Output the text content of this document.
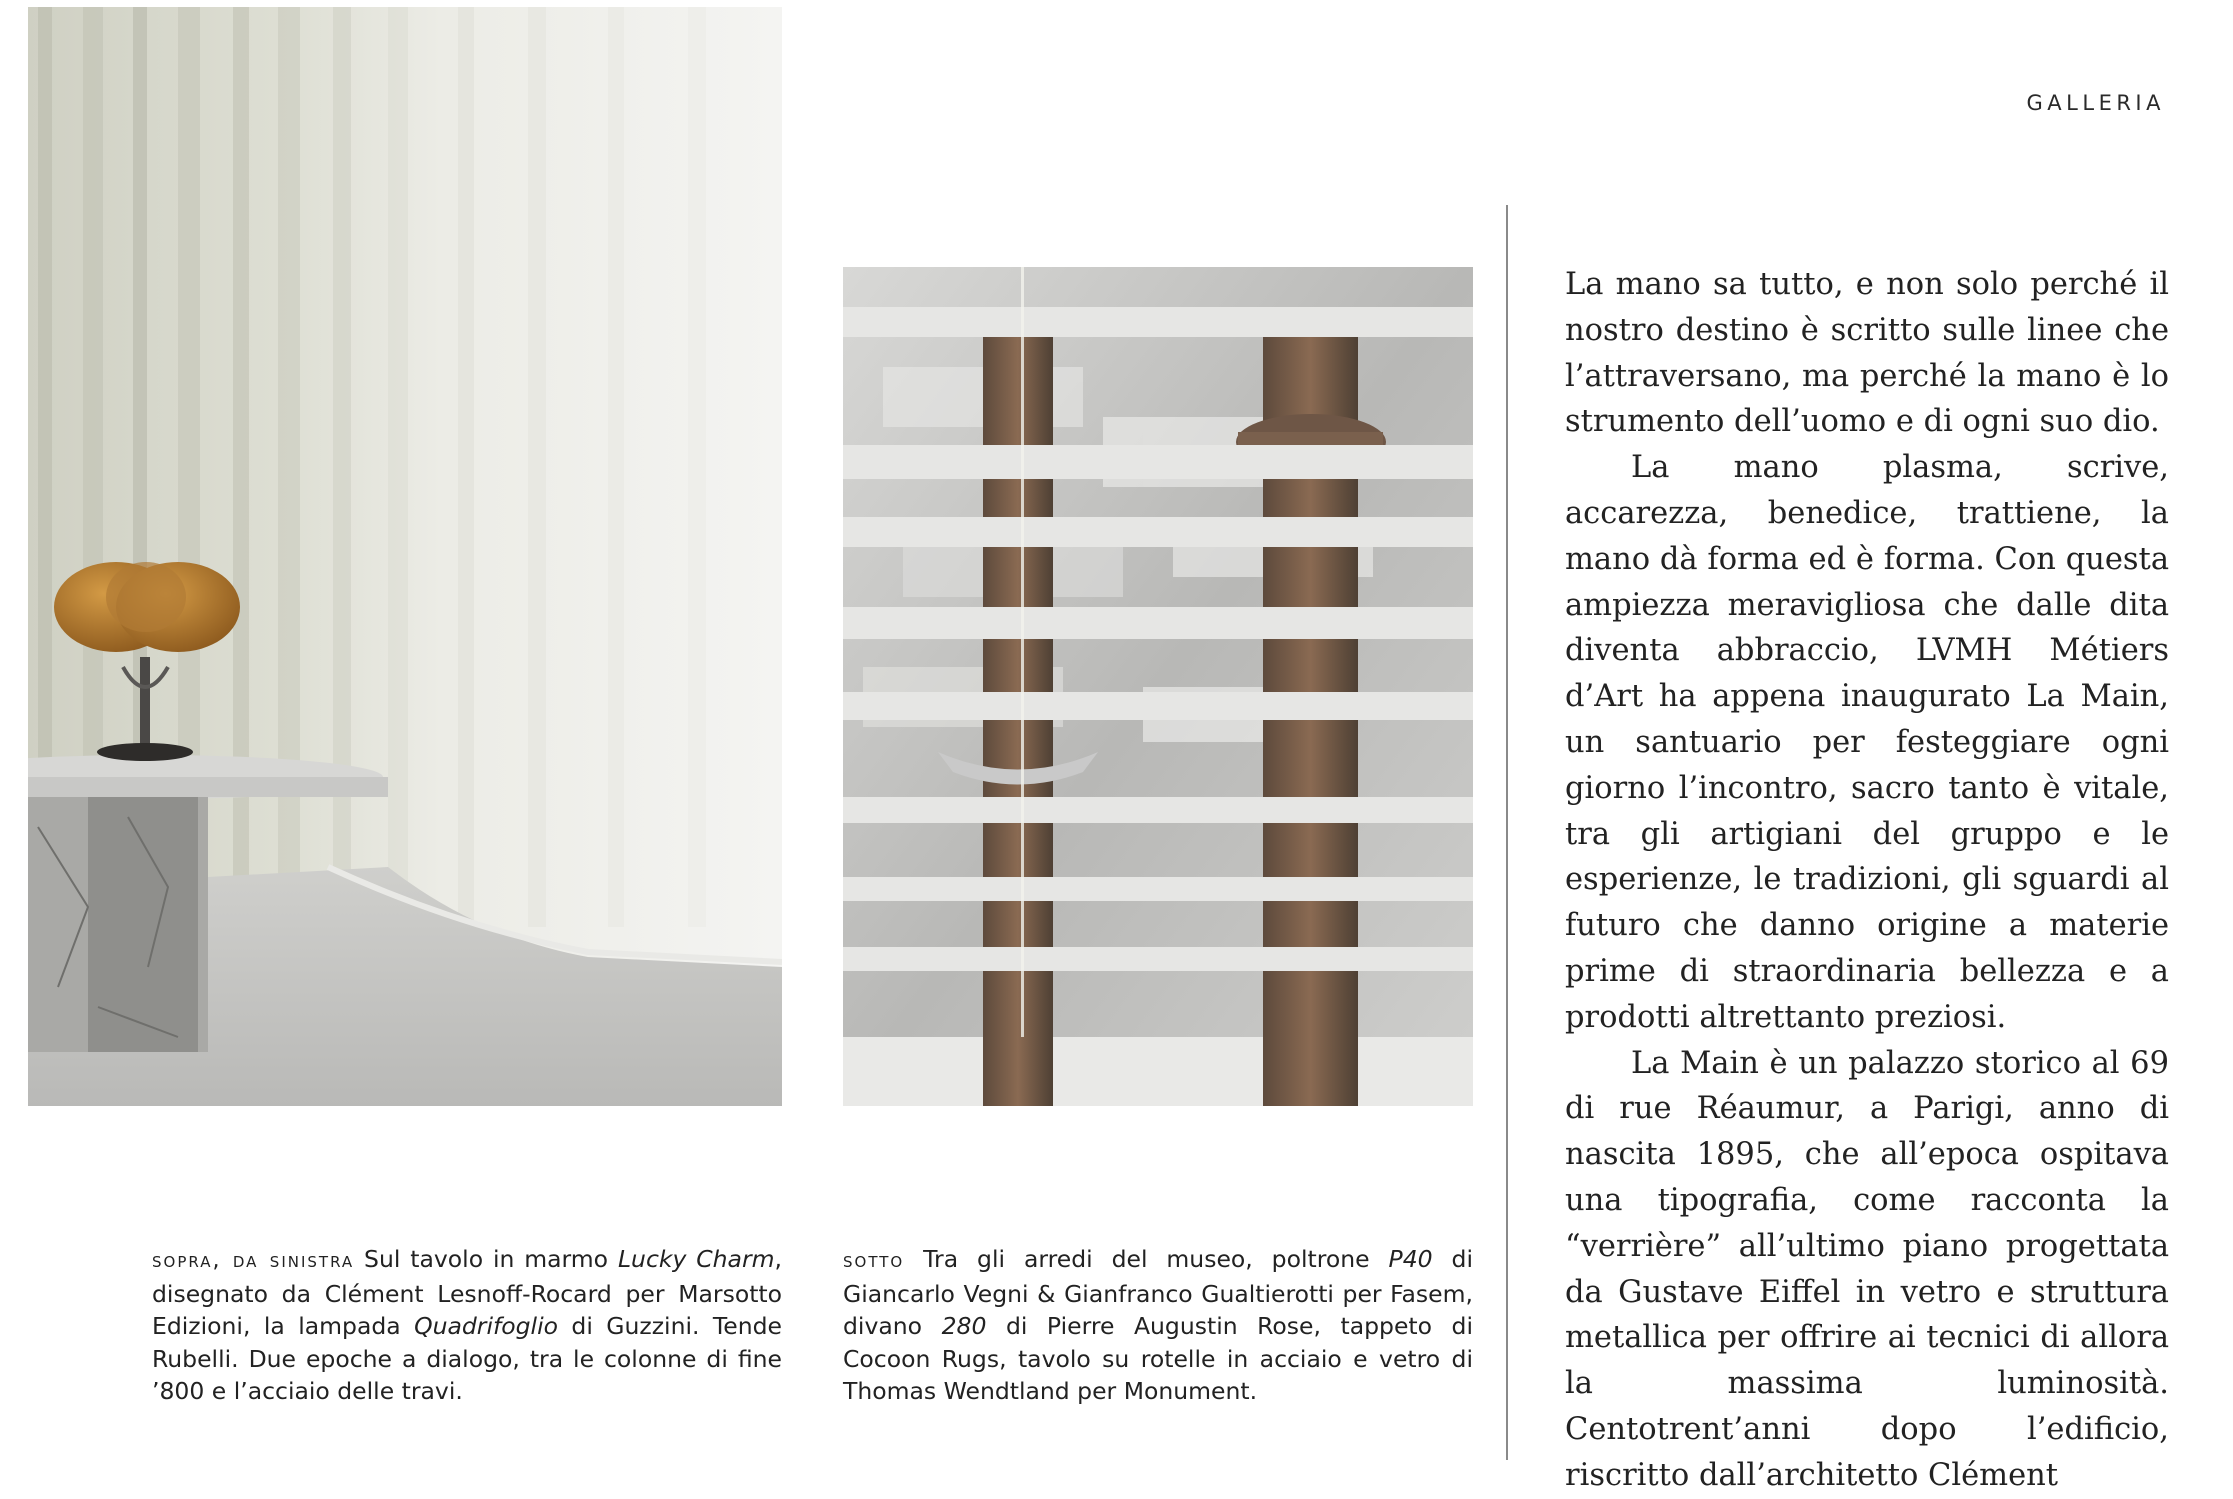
GALLERIA

sopra, da sinistra Sul tavolo in marmo Lucky Charm, disegnato da Clément Lesnoff-Rocard per Marsotto Edizioni, la lampada Quadrifoglio di Guzzini. Tende Rubelli. Due epoche a dialogo, tra le colonne di fine ’800 e l’acciaio delle travi.

sotto Tra gli arredi del museo, poltrone P40 di Giancarlo Vegni & Gianfranco Gualtierotti per Fasem, divano 280 di Pierre Augustin Rose, tappeto di Cocoon Rugs, tavolo su rotelle in acciaio e vetro di Thomas Wendtland per Monument.

La mano sa tutto, e non solo perché il nostro destino è scritto sulle linee che l’attraversano, ma perché la mano è lo strumento dell’uomo e di ogni suo dio.

La mano plasma, scrive, accarezza, benedice, trattiene, la mano dà forma ed è forma. Con questa ampiezza meravigliosa che dalle dita diventa abbraccio, LVMH Métiers d’Art ha appena inaugurato La Main, un santuario per festeggiare ogni giorno l’incontro, sacro tanto è vitale, tra gli artigiani del gruppo e le esperienze, le tradizioni, gli sguardi al futuro che danno origine a materie prime di straordinaria bellezza e a prodotti altrettanto preziosi.

La Main è un palazzo storico al 69 di rue Réaumur, a Parigi, anno di nascita 1895, che all’epoca ospitava una tipografia, come racconta la “verrière” all’ultimo piano progettata da Gustave Eiffel in vetro e struttura metallica per offrire ai tecnici di allora la massima luminosità. Centotrent’anni dopo l’edificio, riscritto dall’architetto Clément
